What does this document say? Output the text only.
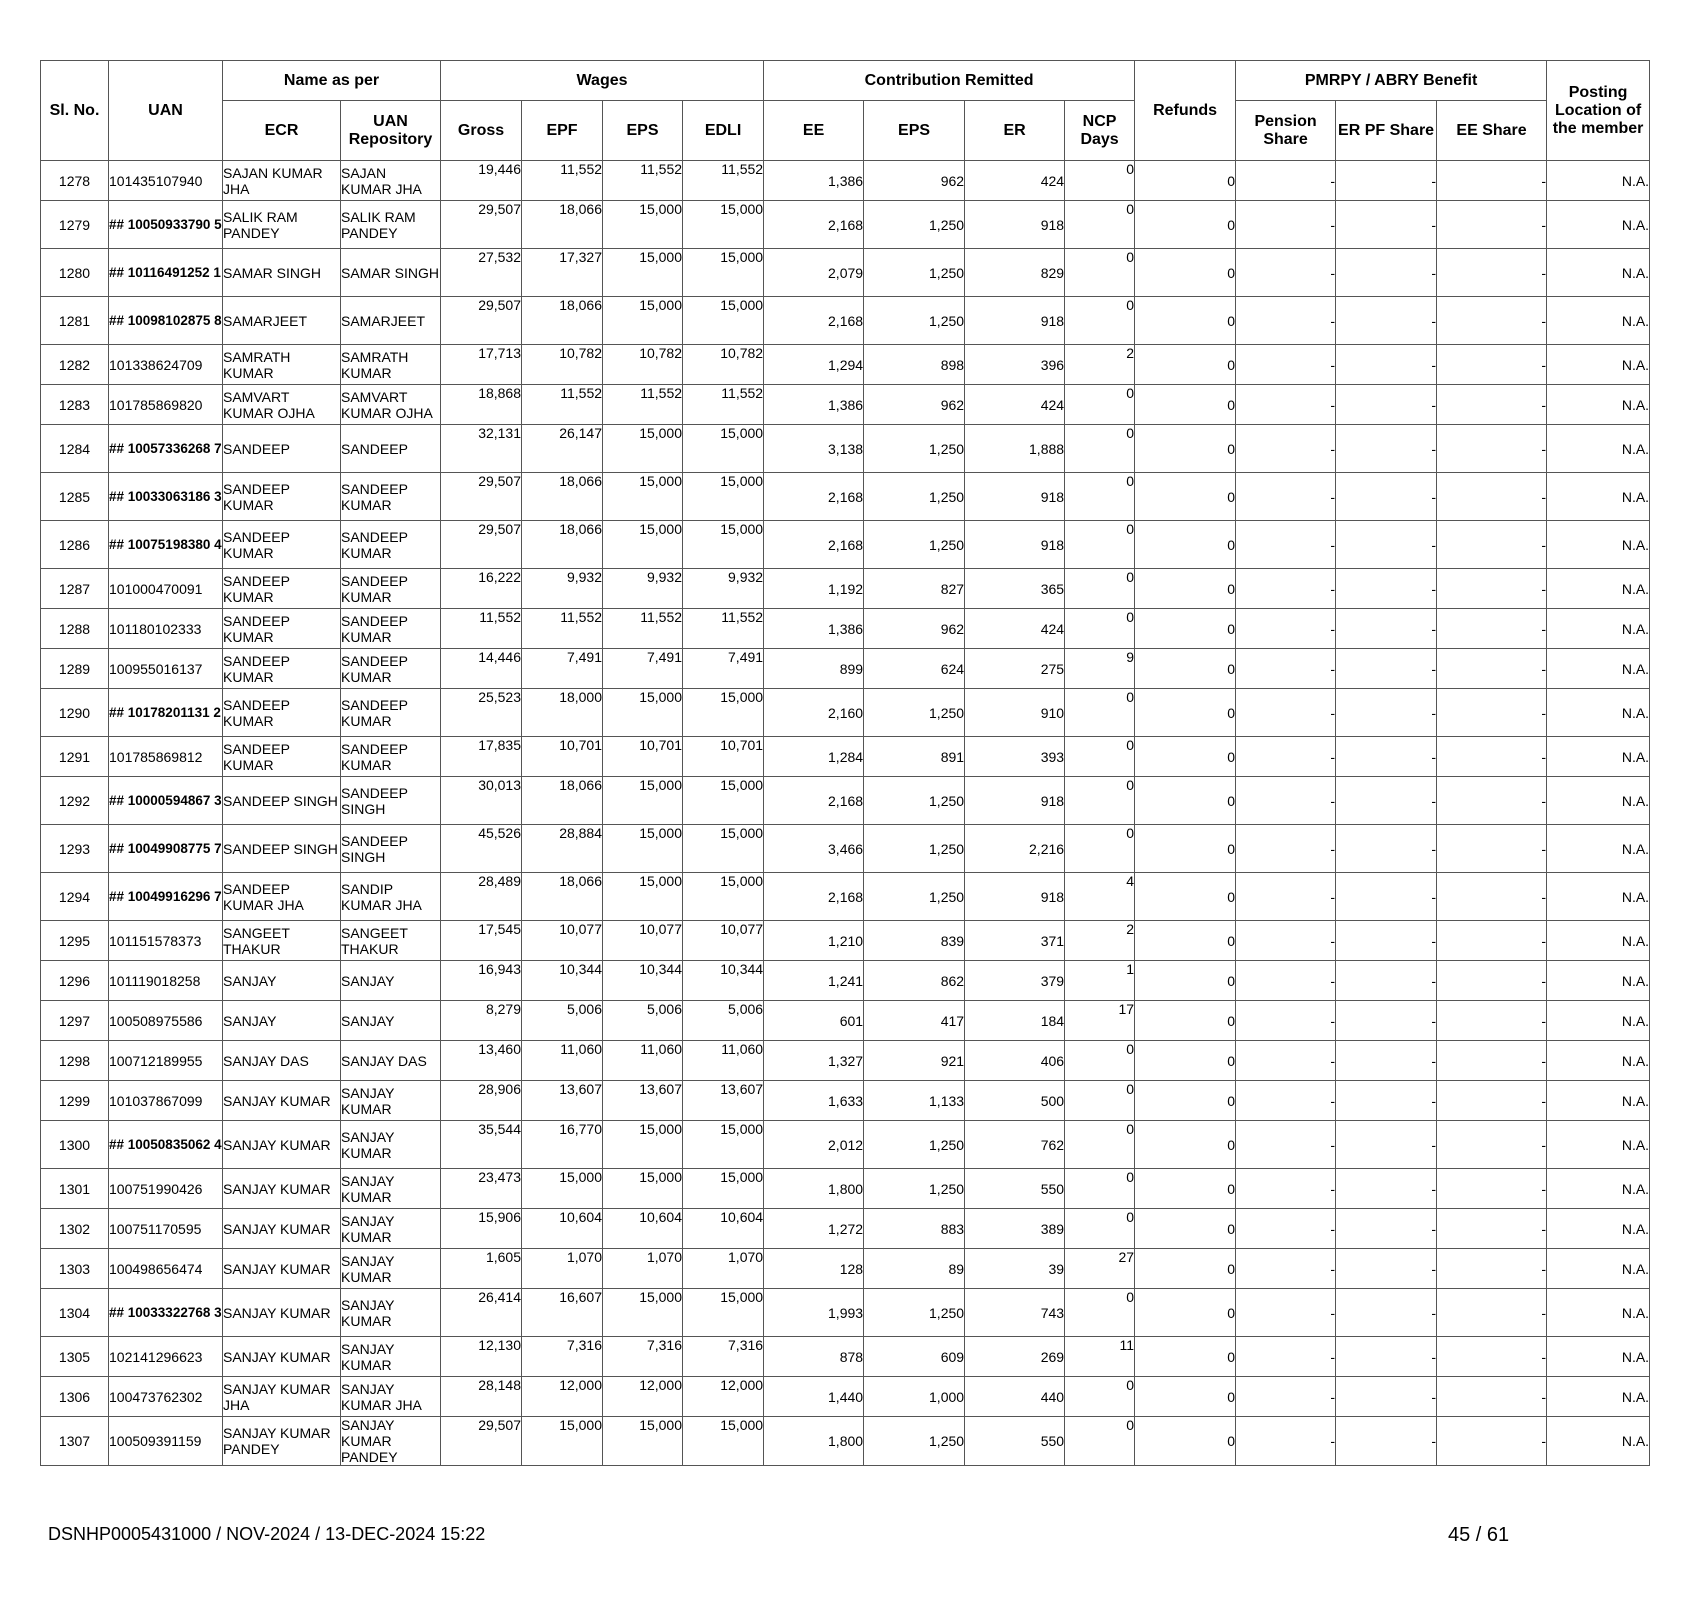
Sl. No.	UAN	Name as per		Wages				Contribution Remitted				Refunds	PMRPY / ABRY Benefit			Posting Location of the member
		ECR	UAN Repository	Gross	EPF	EPS	EDLI	EE	EPS	ER	NCP Days		Pension Share	ER PF Share	EE Share	
1278	101435107940	SAJAN KUMAR JHA	SAJAN KUMAR JHA	19,446	11,552	11,552	11,552	1,386	962	424	0	0	-	-	-	N.A.
1279	## 10050933790 5	SALIK RAM PANDEY	SALIK RAM PANDEY	29,507	18,066	15,000	15,000	2,168	1,250	918	0	0	-	-	-	N.A.
1280	## 10116491252 1	SAMAR SINGH	SAMAR SINGH	27,532	17,327	15,000	15,000	2,079	1,250	829	0	0	-	-	-	N.A.
1281	## 10098102875 8	SAMARJEET	SAMARJEET	29,507	18,066	15,000	15,000	2,168	1,250	918	0	0	-	-	-	N.A.
1282	101338624709	SAMRATH KUMAR	SAMRATH KUMAR	17,713	10,782	10,782	10,782	1,294	898	396	2	0	-	-	-	N.A.
1283	101785869820	SAMVART KUMAR OJHA	SAMVART KUMAR OJHA	18,868	11,552	11,552	11,552	1,386	962	424	0	0	-	-	-	N.A.
1284	## 10057336268 7	SANDEEP	SANDEEP	32,131	26,147	15,000	15,000	3,138	1,250	1,888	0	0	-	-	-	N.A.
1285	## 10033063186 3	SANDEEP KUMAR	SANDEEP KUMAR	29,507	18,066	15,000	15,000	2,168	1,250	918	0	0	-	-	-	N.A.
1286	## 10075198380 4	SANDEEP KUMAR	SANDEEP KUMAR	29,507	18,066	15,000	15,000	2,168	1,250	918	0	0	-	-	-	N.A.
1287	101000470091	SANDEEP KUMAR	SANDEEP KUMAR	16,222	9,932	9,932	9,932	1,192	827	365	0	0	-	-	-	N.A.
1288	101180102333	SANDEEP KUMAR	SANDEEP KUMAR	11,552	11,552	11,552	11,552	1,386	962	424	0	0	-	-	-	N.A.
1289	100955016137	SANDEEP KUMAR	SANDEEP KUMAR	14,446	7,491	7,491	7,491	899	624	275	9	0	-	-	-	N.A.
1290	## 10178201131 2	SANDEEP KUMAR	SANDEEP KUMAR	25,523	18,000	15,000	15,000	2,160	1,250	910	0	0	-	-	-	N.A.
1291	101785869812	SANDEEP KUMAR	SANDEEP KUMAR	17,835	10,701	10,701	10,701	1,284	891	393	0	0	-	-	-	N.A.
1292	## 10000594867 3	SANDEEP SINGH	SANDEEP SINGH	30,013	18,066	15,000	15,000	2,168	1,250	918	0	0	-	-	-	N.A.
1293	## 10049908775 7	SANDEEP SINGH	SANDEEP SINGH	45,526	28,884	15,000	15,000	3,466	1,250	2,216	0	0	-	-	-	N.A.
1294	## 10049916296 7	SANDEEP KUMAR JHA	SANDIP KUMAR JHA	28,489	18,066	15,000	15,000	2,168	1,250	918	4	0	-	-	-	N.A.
1295	101151578373	SANGEET THAKUR	SANGEET THAKUR	17,545	10,077	10,077	10,077	1,210	839	371	2	0	-	-	-	N.A.
1296	101119018258	SANJAY	SANJAY	16,943	10,344	10,344	10,344	1,241	862	379	1	0	-	-	-	N.A.
1297	100508975586	SANJAY	SANJAY	8,279	5,006	5,006	5,006	601	417	184	17	0	-	-	-	N.A.
1298	100712189955	SANJAY DAS	SANJAY DAS	13,460	11,060	11,060	11,060	1,327	921	406	0	0	-	-	-	N.A.
1299	101037867099	SANJAY KUMAR	SANJAY KUMAR	28,906	13,607	13,607	13,607	1,633	1,133	500	0	0	-	-	-	N.A.
1300	## 10050835062 4	SANJAY KUMAR	SANJAY KUMAR	35,544	16,770	15,000	15,000	2,012	1,250	762	0	0	-	-	-	N.A.
1301	100751990426	SANJAY KUMAR	SANJAY KUMAR	23,473	15,000	15,000	15,000	1,800	1,250	550	0	0	-	-	-	N.A.
1302	100751170595	SANJAY KUMAR	SANJAY KUMAR	15,906	10,604	10,604	10,604	1,272	883	389	0	0	-	-	-	N.A.
1303	100498656474	SANJAY KUMAR	SANJAY KUMAR	1,605	1,070	1,070	1,070	128	89	39	27	0	-	-	-	N.A.
1304	## 10033322768 3	SANJAY KUMAR	SANJAY KUMAR	26,414	16,607	15,000	15,000	1,993	1,250	743	0	0	-	-	-	N.A.
1305	102141296623	SANJAY KUMAR	SANJAY KUMAR	12,130	7,316	7,316	7,316	878	609	269	11	0	-	-	-	N.A.
1306	100473762302	SANJAY KUMAR JHA	SANJAY KUMAR JHA	28,148	12,000	12,000	12,000	1,440	1,000	440	0	0	-	-	-	N.A.
1307	100509391159	SANJAY KUMAR PANDEY	SANJAY KUMAR PANDEY	29,507	15,000	15,000	15,000	1,800	1,250	550	0	0	-	-	-	N.A.
DSNHP0005431000 / NOV-2024 / 13-DEC-2024 15:22	45 / 61
